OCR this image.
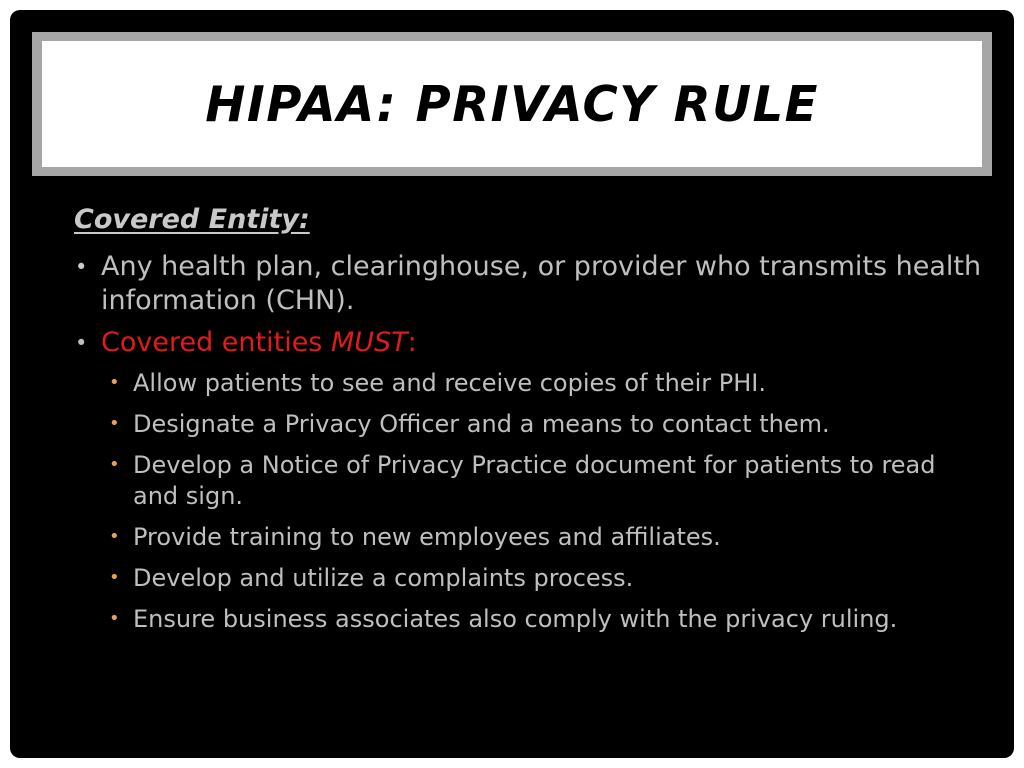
HIPAA: PRIVACY RULE
Covered Entity:
• Any health plan, clearinghouse, or provider who transmits health information (CHN).
• Covered entities MUST:
• Allow patients to see and receive copies of their PHI.
• Designate a Privacy Officer and a means to contact them.
• Develop a Notice of Privacy Practice document for patients to read and sign.
• Provide training to new employees and affiliates.
• Develop and utilize a complaints process.
• Ensure business associates also comply with the privacy ruling.
